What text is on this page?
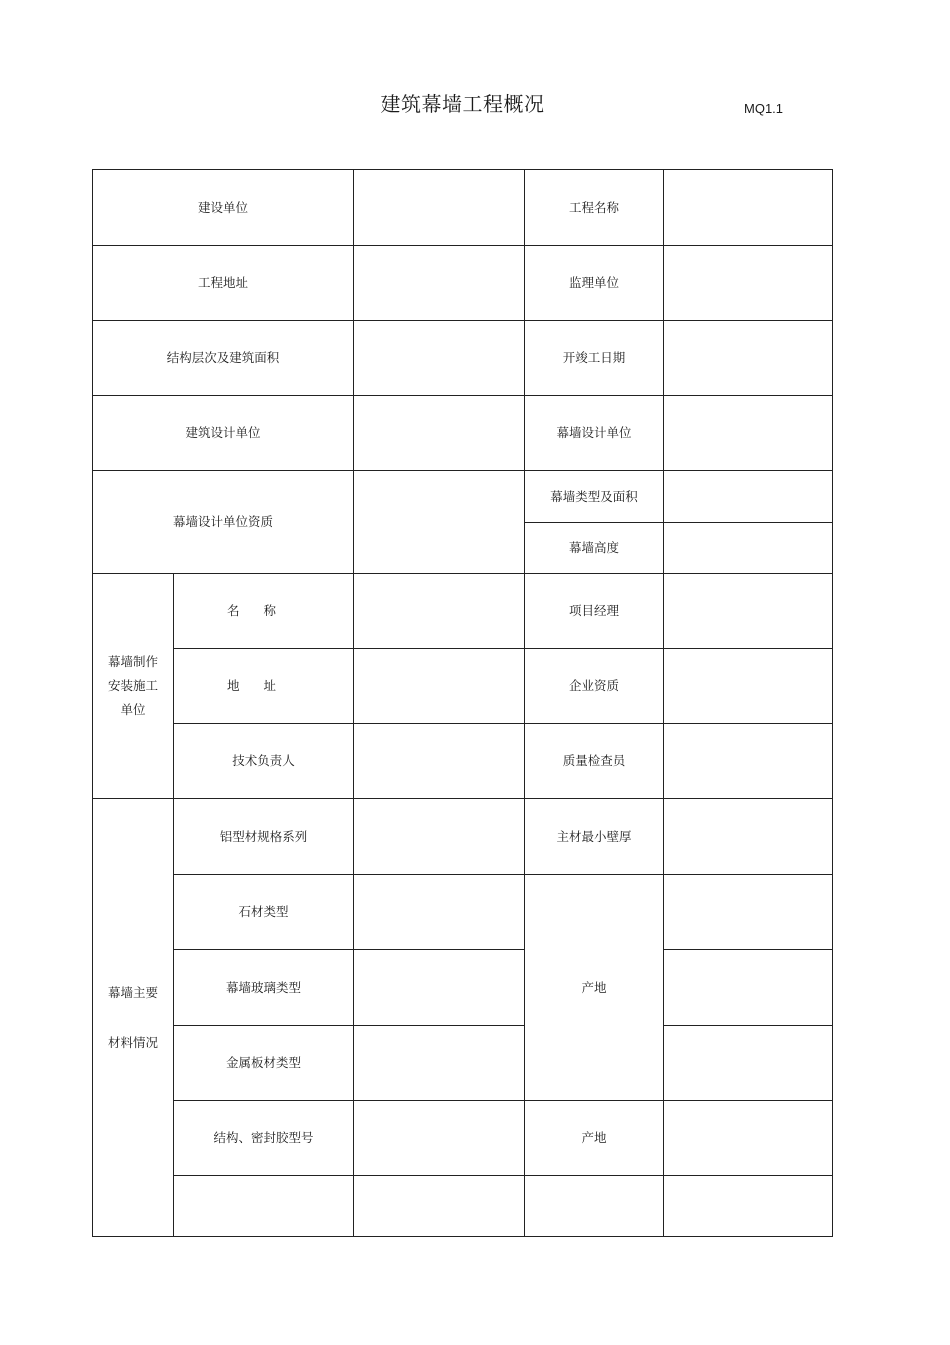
建筑幕墙工程概况	MQ1.1
建设单位			工程名称	
工程地址			监理单位	
结构层次及建筑面积			开竣工日期	
建筑设计单位			幕墙设计单位	
幕墙设计单位资质			幕墙类型及面积	
			幕墙高度	

幕墙制作
安装施工
单位	名称		项目经理	
	地址		企业资质	
	技术负责人		质量检查员	

幕墙主要
材料情况	铝型材规格系列		主材最小壁厚	
	石材类型		产地	
	幕墙玻璃类型			
	金属板材类型			
	结构、密封胶型号		产地	
